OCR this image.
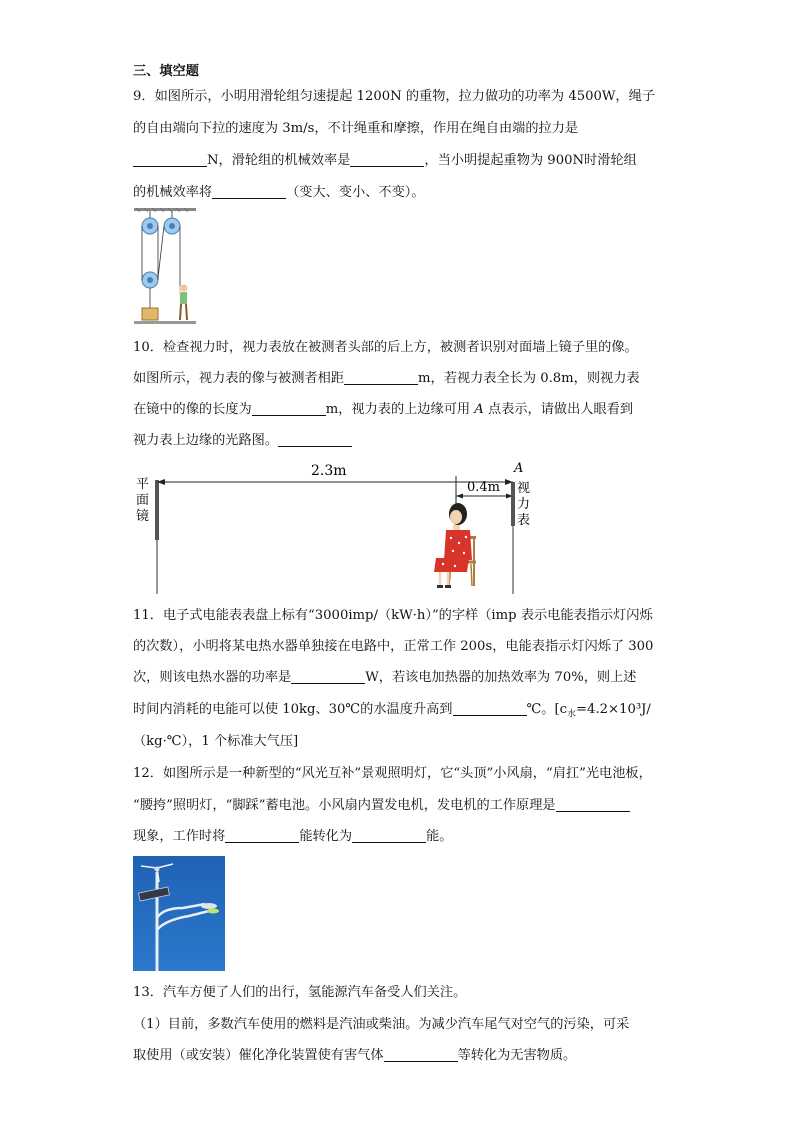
三、填空题
9．如图所示，小明用滑轮组匀速提起 1200N 的重物，拉力做功的功率为 4500W，绳子
的自由端向下拉的速度为 3m/s，不计绳重和摩擦，作用在绳自由端的拉力是
N，滑轮组的机械效率是	，当小明提起重物为 900N时滑轮组
的机械效率将	（变大、变小、不变）。
10．检查视力时，视力表放在被测者头部的后上方，被测者识别对面墙上镜子里的像。
如图所示，视力表的像与被测者相距	m，若视力表全长为 0.8m，则视力表
在镜中的像的长度为	m，视力表的上边缘可用 A 点表示，请做出人眼看到
视力表上边缘的光路图。
平
面
镜
2.3m
0.4m
A
视
力
表
11．电子式电能表表盘上标有“3000imp/（kW·h）”的字样（imp 表示电能表指示灯闪烁
的次数），小明将某电热水器单独接在电路中，正常工作 200s，电能表指示灯闪烁了 300
次，则该电热水器的功率是	W，若该电加热器的加热效率为 70%，则上述
时间内消耗的电能可以使 10kg、30℃的水温度升高到	℃。[$c_水=4.2\times 10^3J/$
（kg·℃），1 个标准大气压]
12．如图所示是一种新型的“风光互补”景观照明灯，它“头顶”小风扇，“肩扛”光电池板，
“腰挎”照明灯，“脚踩”蓄电池。小风扇内置发电机，发电机的工作原理是
现象，工作时将	能转化为	能。
13．汽车方便了人们的出行，氢能源汽车备受人们关注。
（1）目前，多数汽车使用的燃料是汽油或柴油。为减少汽车尾气对空气的污染，可采
取使用（或安装）催化净化装置使有害气体	等转化为无害物质。
